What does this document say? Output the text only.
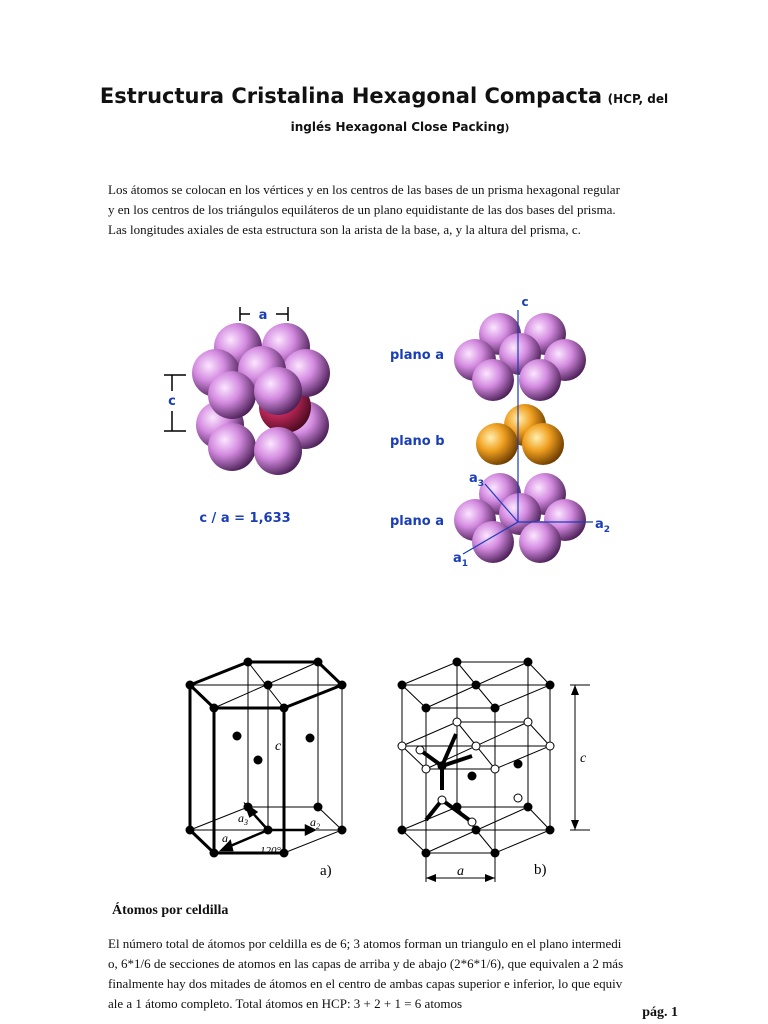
Estructura Cristalina Hexagonal Compacta (HCP, del
inglés Hexagonal Close Packing)

Los átomos se colocan en los vértices y en los centros de las bases de un prisma hexagonal regular

y en los centros de los triángulos equiláteros de un plano equidistante de las dos bases del prisma.

Las longitudes axiales de esta estructura son la arista de la base, a, y la altura del prisma, c.

a
c
c / a = 1,633
c
plano a
plano b
plano a	$a_2$
$a_1$
$a_3$
c
$a_3$
$a_1$
$a_2$
120°
a)
c
a	b)
Átomos por celdilla

El número total de átomos por celdilla es de 6; 3 atomos forman un triangulo en el plano intermedi

o, 6*1/6 de secciones de atomos en las capas de arriba y de abajo (2*6*1/6), que equivalen a 2 más

finalmente hay dos mitades de átomos en el centro de ambas capas superior e inferior, lo que equiv

ale a 1 átomo completo. Total átomos en HCP: 3 + 2 + 1 = 6 atomos

pág. 1
